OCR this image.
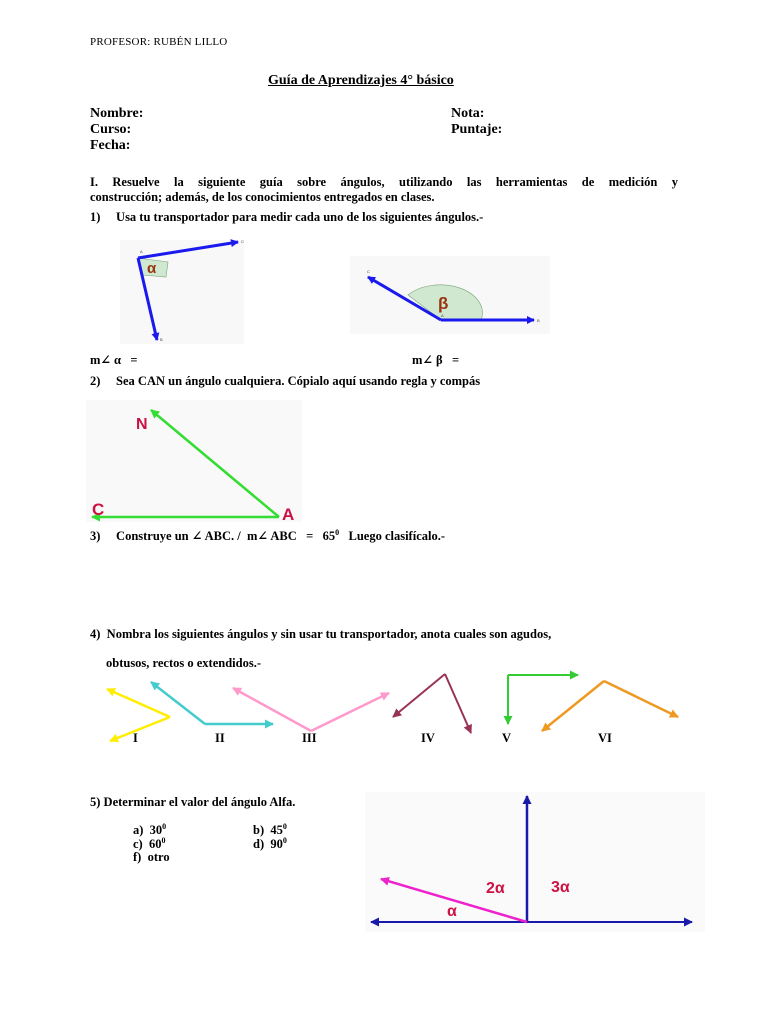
PROFESOR: RUBÉN LILLO
Guía de Aprendizajes 4° básico
Nombre:
Curso:
Fecha:
Nota:
Puntaje:
I. Resuelve la siguiente guía sobre ángulos, utilizando las herramientas de medición y
construcción; además, de los conocimientos entregados en clases.
1)     Usa tu transportador para medir cada uno de los siguientes ángulos.-
A
C
B
α	C
A
B
β
m∠ α   =	m∠ β   =
2)     Sea CAN un ángulo cualquiera. Cópialo aquí usando regla y compás
N
C	A
3)     Construye un ∠ ABC. /  m∠ ABC   =   $65^0$   Luego clasifícalo.-
4)  Nombra los siguientes ángulos y sin usar tu transportador, anota cuales son agudos,
obtusos, rectos o extendidos.-
I	II	III	IV	V	VI
5) Determinar el valor del ángulo Alfa.
a) $30^0$	b) $45^0$
c) $60^0$	d) $90^0$
f) otro
3α
2α
α
